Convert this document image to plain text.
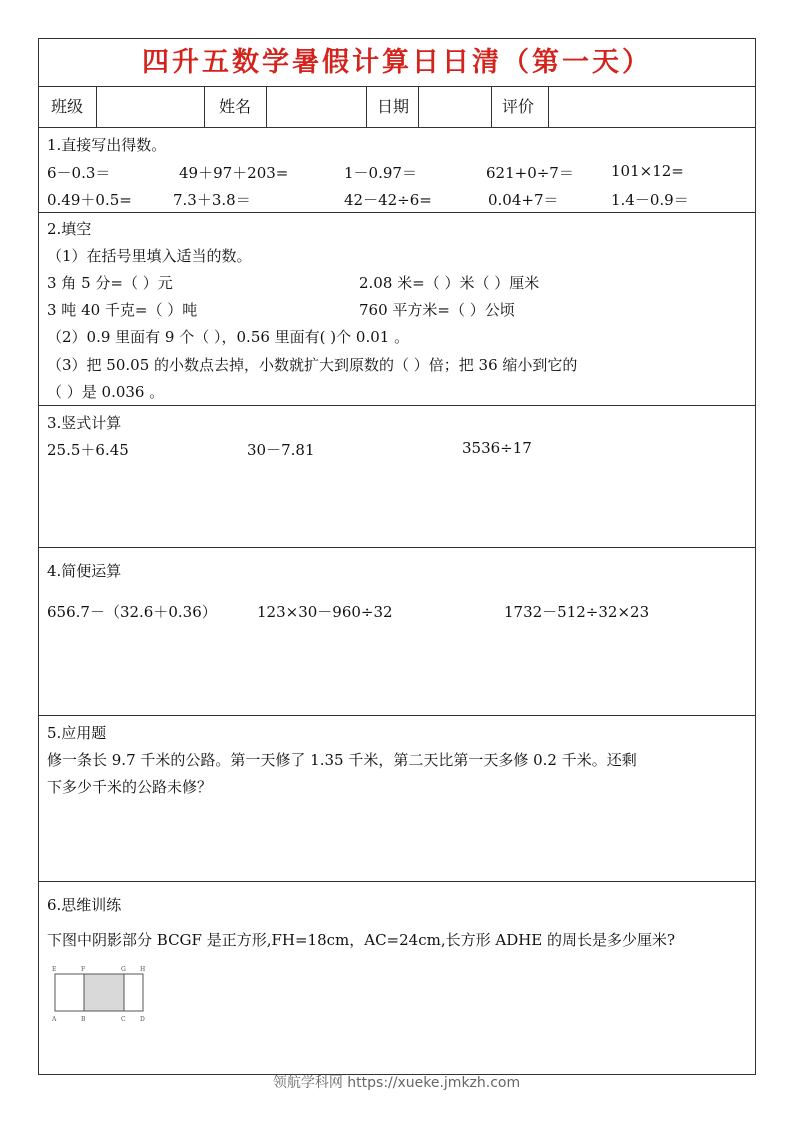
四升五数学暑假计算日日清（第一天）
班级	姓名	日期	评价
1.直接写出得数。
6－0.3＝	49＋97＋203=	1－0.97＝	621+0÷7＝ 101×12=
0.49＋0.5=	7.3＋3.8＝	42－42÷6=	0.04+7＝	1.4－0.9＝
2.填空
（1）在括号里填入适当的数。
3 角 5 分=（ ）元	2.08 米=（ ）米（ ）厘米
3 吨 40 千克=（ ）吨	760 平方米=（ ）公顷
（2）0.9 里面有 9 个（ ），0.56 里面有( )个 0.01 。
（3）把 50.05 的小数点去掉，小数就扩大到原数的（ ）倍；把 36 缩小到它的
（ ）是 0.036 。
3.竖式计算
25.5＋6.45	30－7.81	3536÷17
4.简便运算
656.7－（32.6＋0.36）	123×30－960÷32	1732－512÷32×23
5.应用题
修一条长 9.7 千米的公路。第一天修了 1.35 千米，第二天比第一天多修 0.2 千米。还剩
下多少千米的公路未修？
6.思维训练
下图中阴影部分 BCGF 是正方形,FH=18cm，AC=24cm,长方形 ADHE 的周长是多少厘米?
E	F	G H
A	B	C D
领航学科网 https://xueke.jmkzh.com
